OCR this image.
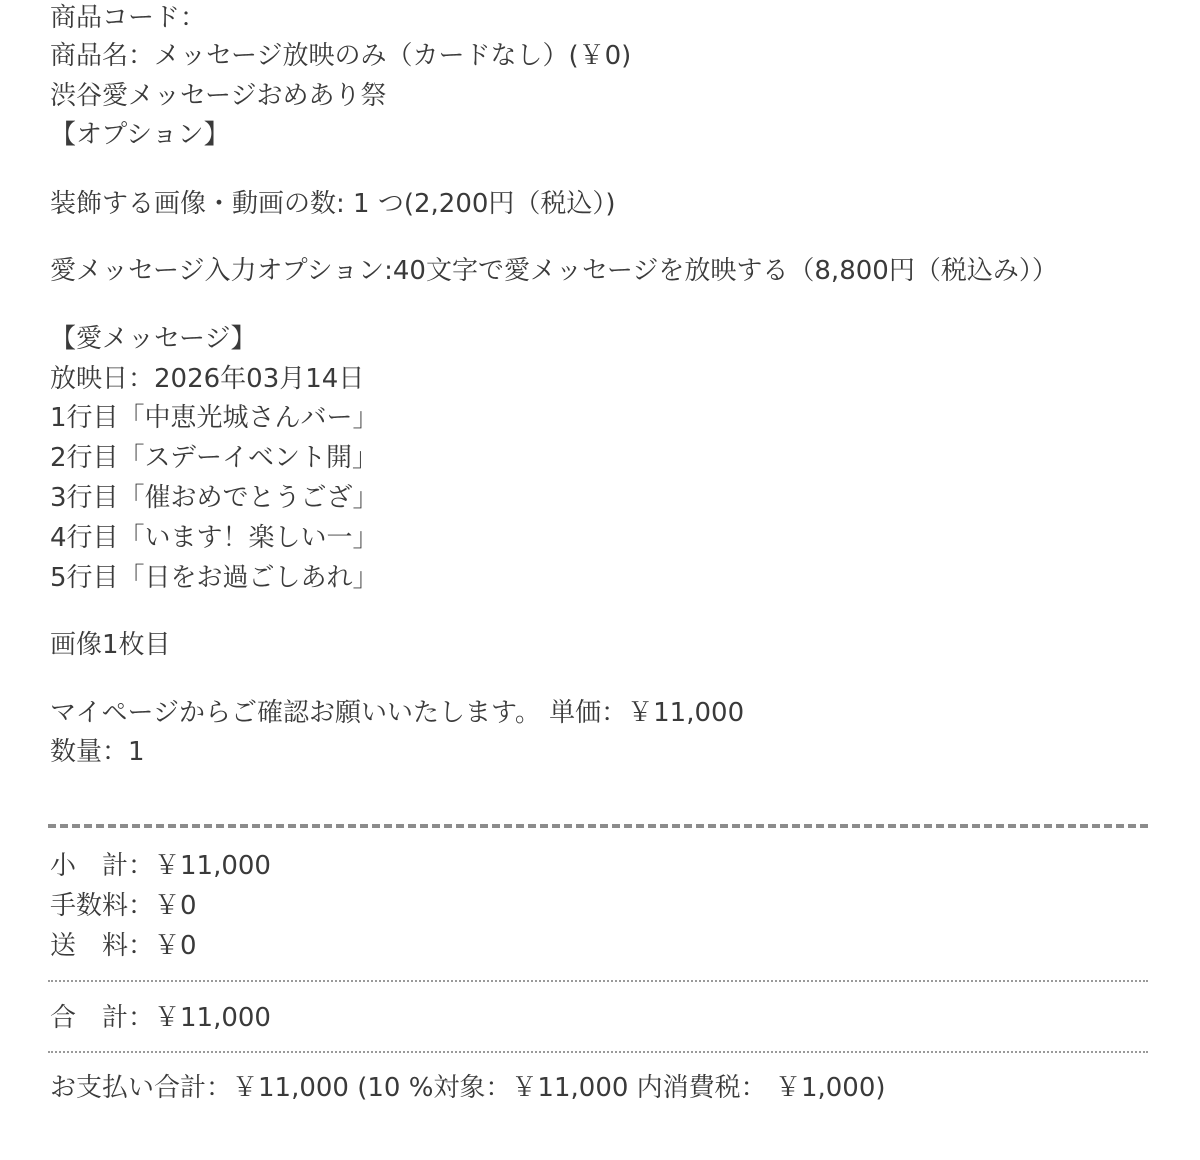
商品コード：
商品名：メッセージ放映のみ（カードなし）(￥0)
渋谷愛メッセージおめあり祭
【オプション】
装飾する画像・動画の数: 1 つ(2,200円（税込）)
愛メッセージ入力オプション:40文字で愛メッセージを放映する（8,800円（税込み））
【愛メッセージ】
放映日：2026年03月14日
1行目「中恵光城さんバー」
2行目「スデーイベント開」
3行目「催おめでとうござ」
4行目「います！楽しい一」
5行目「日をお過ごしあれ」
画像1枚目
マイページからご確認お願いいたします。 単価：￥11,000
数量：1
小　計：￥11,000
手数料：￥0
送　料：￥0
合　計：￥11,000
お支払い合計：￥11,000 (10 %対象：￥11,000 内消費税： ￥1,000)
